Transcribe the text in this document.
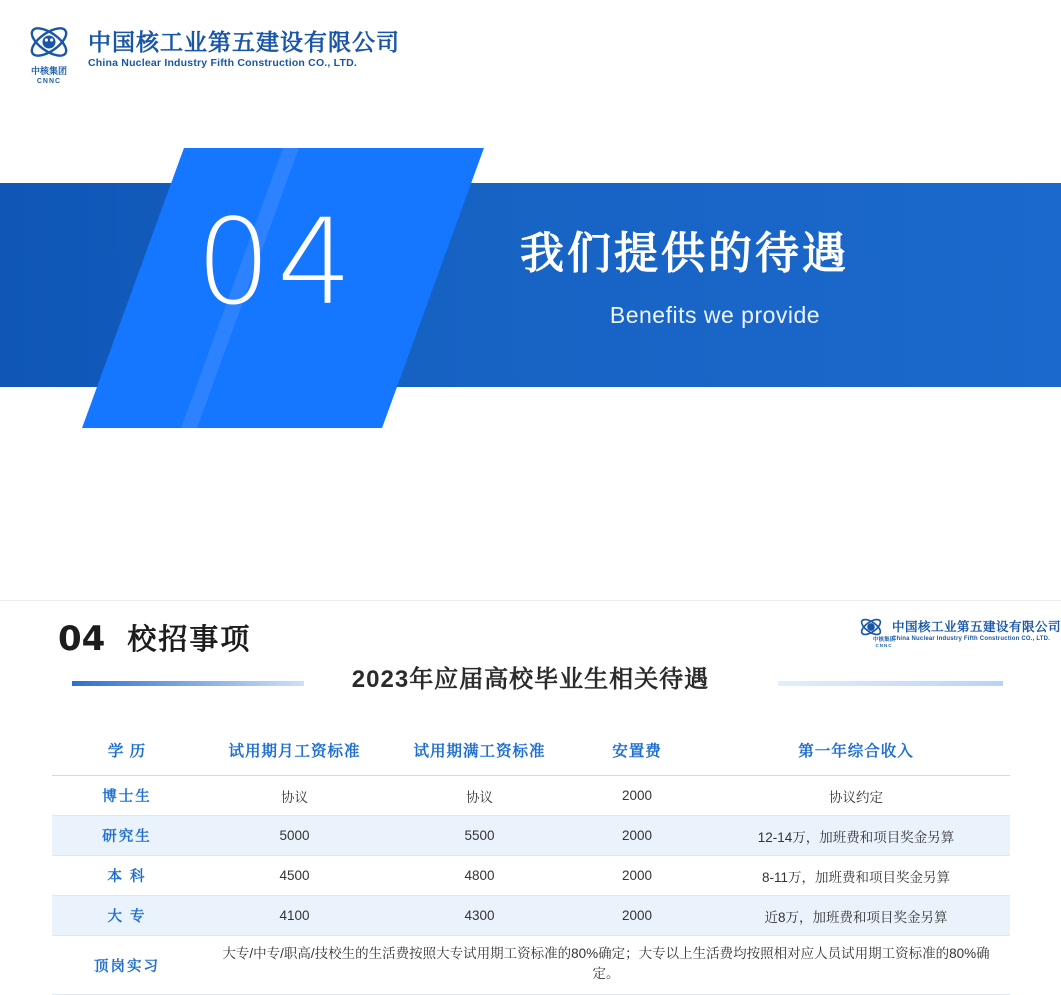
中核集团
CNNC
中国核工业第五建设有限公司
China Nuclear Industry Fifth Construction CO., LTD.
04	我们提供的待遇
Benefits we provide
04 校招事项
2023年应届高校毕业生相关待遇
中核集团
CNNC
中国核工业第五建设有限公司
China Nuclear Industry Fifth Construction CO., LTD.
学 历	试用期月工资标准	试用期满工资标准	安置费	第一年综合收入
博士生	协议	协议	2000	协议约定
研究生	5000	5500	2000	12-14万，加班费和项目奖金另算
本 科	4500	4800	2000	8-11万，加班费和项目奖金另算
大 专	4100	4300	2000	近8万，加班费和项目奖金另算
顶岗实习	大专/中专/职高/技校生的生活费按照大专试用期工资标准的80%确定；大专以上生活费均按照相对应人员试用期工资标准的80%确定。			
